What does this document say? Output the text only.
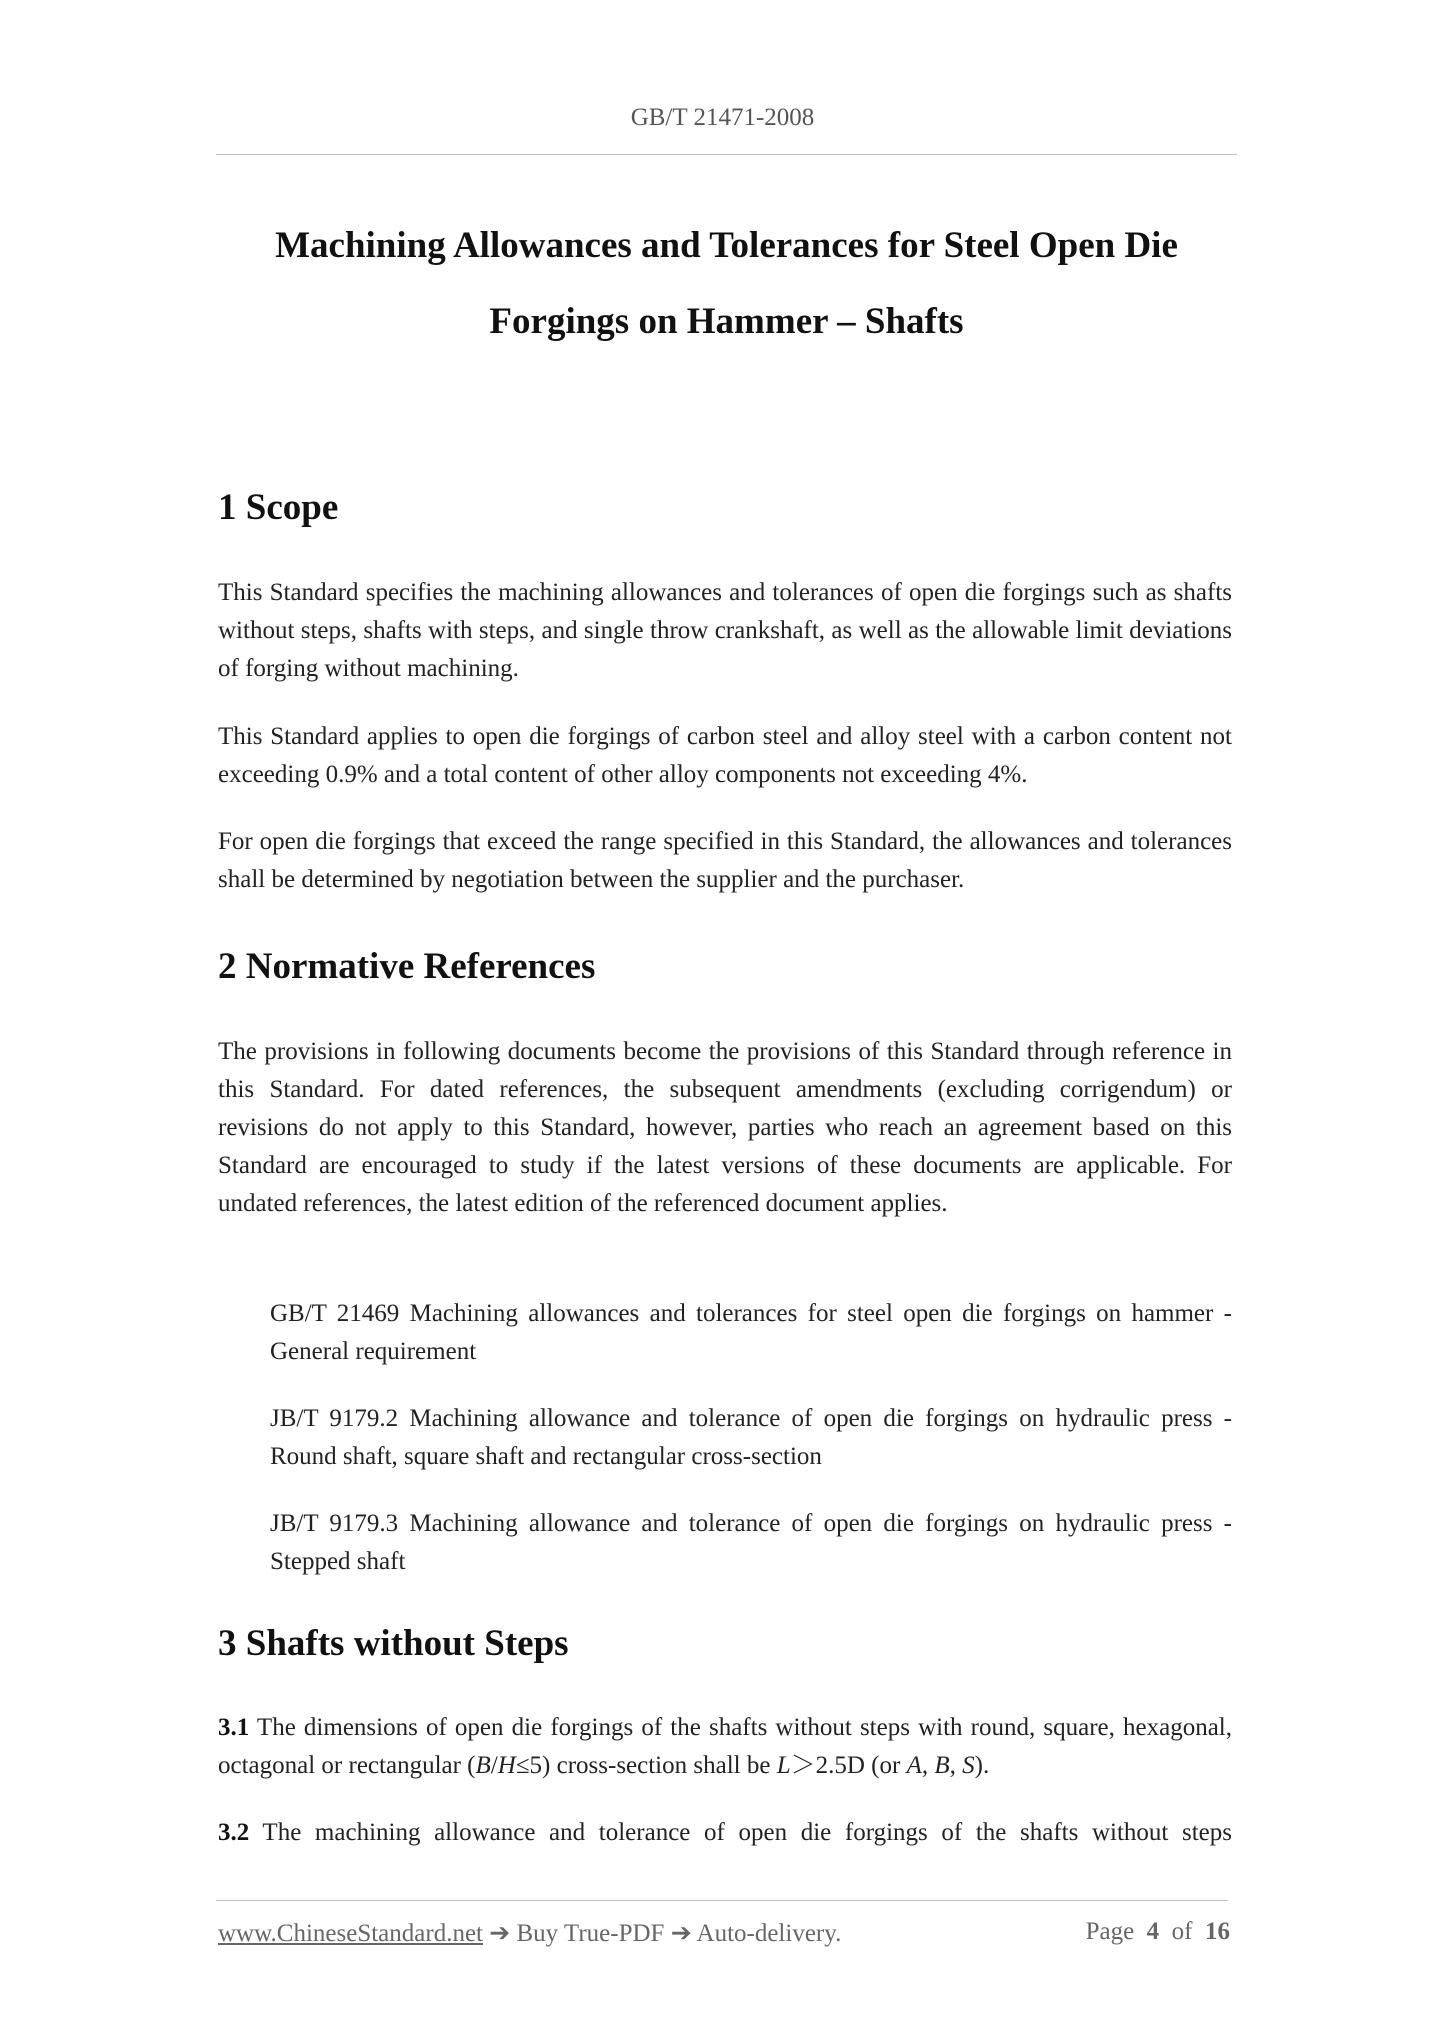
GB/T 21471-2008
Machining Allowances and Tolerances for Steel Open Die
Forgings on Hammer – Shafts
1 Scope

This Standard specifies the machining allowances and tolerances of open die forgings such as shafts without steps, shafts with steps, and single throw crankshaft, as well as the allowable limit deviations of forging without machining.

This Standard applies to open die forgings of carbon steel and alloy steel with a carbon content not exceeding 0.9% and a total content of other alloy components not exceeding 4%.

For open die forgings that exceed the range specified in this Standard, the allowances and tolerances shall be determined by negotiation between the supplier and the purchaser.

2 Normative References

The provisions in following documents become the provisions of this Standard through reference in this Standard. For dated references, the subsequent amendments (excluding corrigendum) or revisions do not apply to this Standard, however, parties who reach an agreement based on this Standard are encouraged to study if the latest versions of these documents are applicable. For undated references, the latest edition of the referenced document applies.

GB/T 21469 Machining allowances and tolerances for steel open die forgings on hammer - General requirement

JB/T 9179.2 Machining allowance and tolerance of open die forgings on hydraulic press - Round shaft, square shaft and rectangular cross-section

JB/T 9179.3 Machining allowance and tolerance of open die forgings on hydraulic press - Stepped shaft

3 Shafts without Steps

3.1 The dimensions of open die forgings of the shafts without steps with round, square, hexagonal, octagonal or rectangular (B/H≤5) cross-section shall be L＞2.5D (or A, B, S).

3.2 The machining allowance and tolerance of open die forgings of the shafts without steps

www.ChineseStandard.net ➔ Buy True-PDF ➔ Auto-delivery.	Page 4 of 16
